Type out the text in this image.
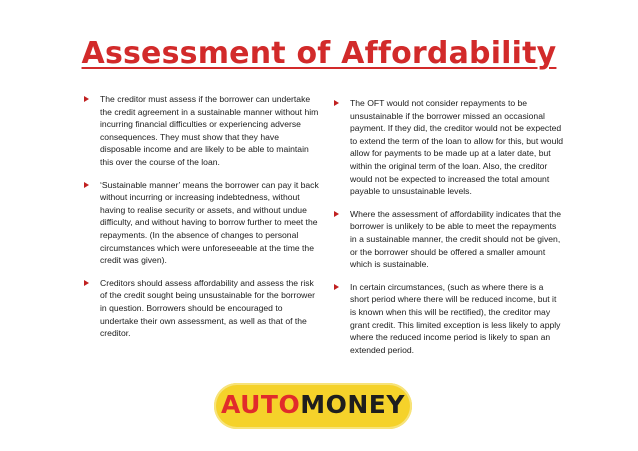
Assessment of Affordability
The creditor must assess if the borrower can undertake the credit agreement in a sustainable manner without him incurring financial difficulties or experiencing adverse consequences. They must show that they have disposable income and are likely to be able to maintain this over the course of the loan.
‘Sustainable manner’ means the borrower can pay it back without incurring or increasing indebtedness, without having to realise security or assets, and without undue difficulty, and without having to borrow further to meet the repayments. (In the absence of changes to personal circumstances which were unforeseeable at the time the credit was given).
Creditors should assess affordability and assess the risk of the credit sought being unsustainable for the borrower in question. Borrowers should be encouraged to undertake their own assessment, as well as that of the creditor.
The OFT would not consider repayments to be unsustainable if the borrower missed an occasional payment. If they did, the creditor would not be expected to extend the term of the loan to allow for this, but would allow for payments to be made up at a later date, but within the original term of the loan. Also, the creditor would not be expected to increased the total amount payable to unsustainable levels.
Where the assessment of affordability indicates that the borrower is unlikely to be able to meet the repayments in a sustainable manner, the credit should not be given, or the borrower should be offered a smaller amount which is sustainable.
In certain circumstances, (such as where there is a short period where there will be reduced income, but it is known when this will be rectified), the creditor may grant credit. This limited exception is less likely to apply where the reduced income period is likely to span an extended period.
AUTOMONEY
